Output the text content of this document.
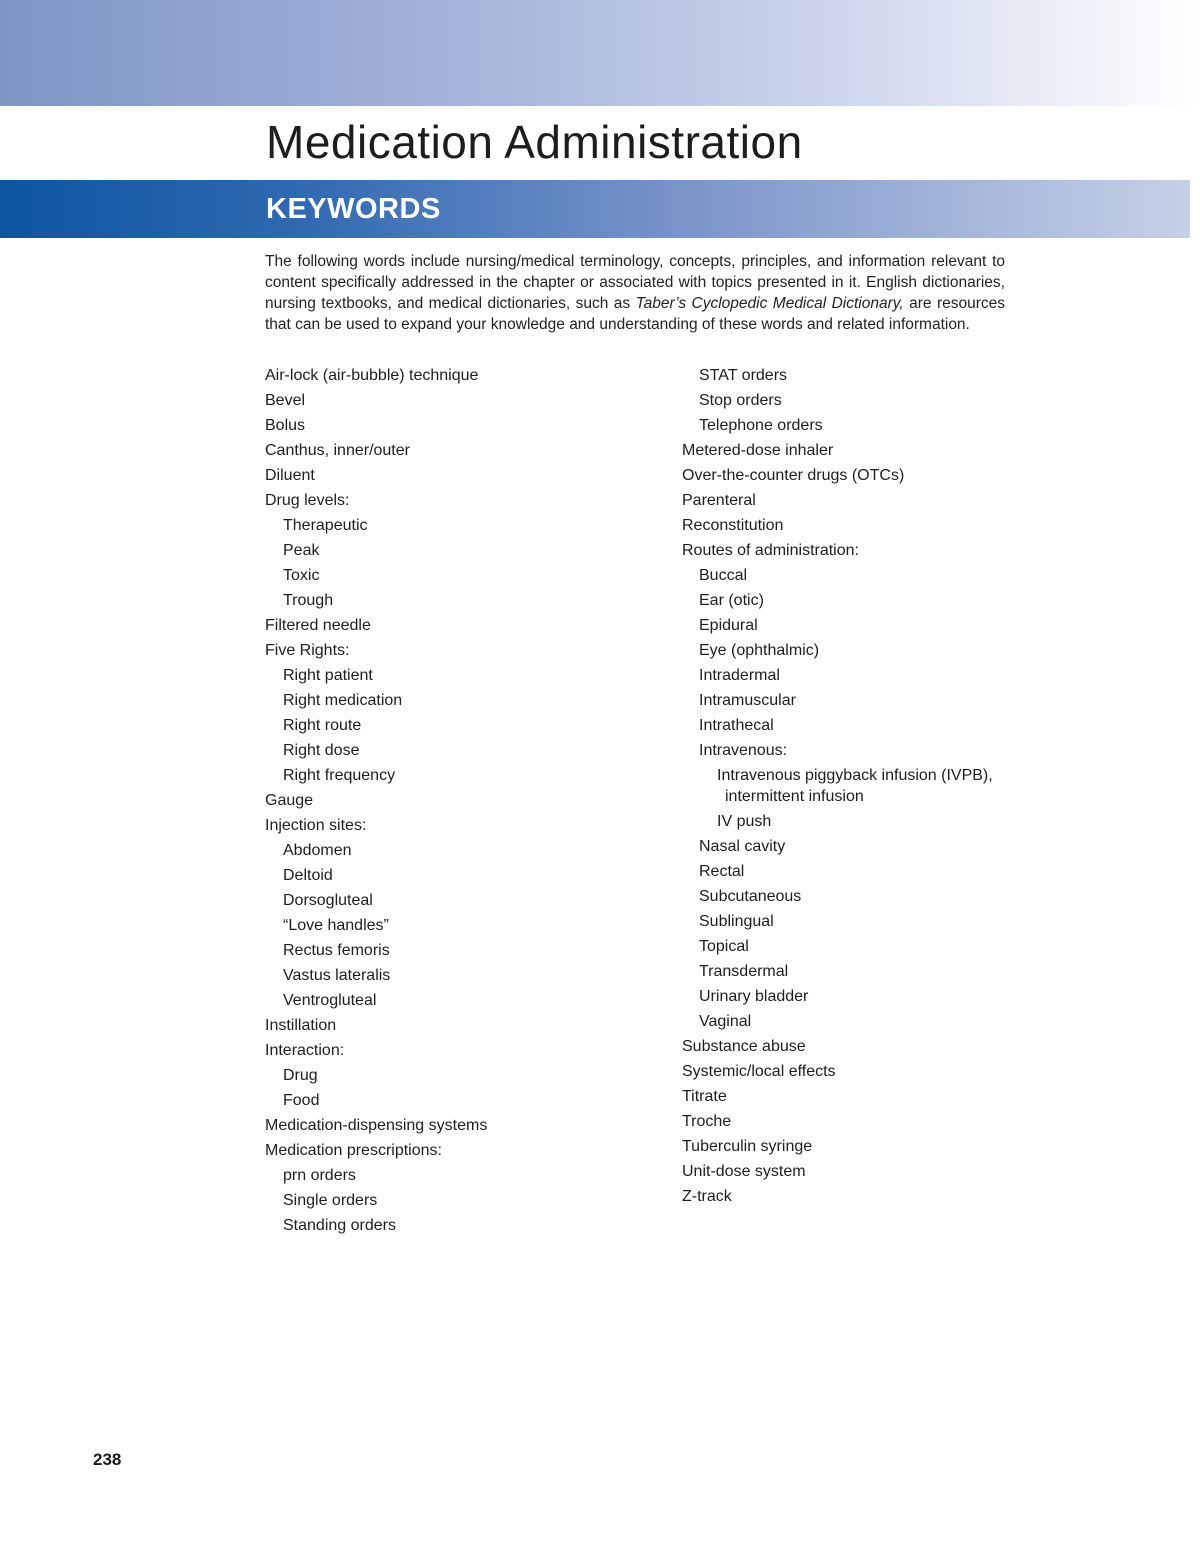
Medication Administration
KEYWORDS

The following words include nursing/medical terminology, concepts, principles, and information relevant to content specifically addressed in the chapter or associated with topics presented in it. English dictionaries, nursing textbooks, and medical dictionaries, such as Taber’s Cyclopedic Medical Dictionary, are resources that can be used to expand your knowledge and understanding of these words and related information.

Air-lock (air-bubble) technique
Bevel
Bolus
Canthus, inner/outer
Diluent
Drug levels:
Therapeutic
Peak
Toxic
Trough
Filtered needle
Five Rights:
Right patient
Right medication
Right route
Right dose
Right frequency
Gauge
Injection sites:
Abdomen
Deltoid
Dorsogluteal
“Love handles”
Rectus femoris
Vastus lateralis
Ventrogluteal
Instillation
Interaction:
Drug
Food
Medication-dispensing systems
Medication prescriptions:
prn orders
Single orders
Standing orders
STAT orders
Stop orders
Telephone orders
Metered-dose inhaler
Over-the-counter drugs (OTCs)
Parenteral
Reconstitution
Routes of administration:
Buccal
Ear (otic)
Epidural
Eye (ophthalmic)
Intradermal
Intramuscular
Intrathecal
Intravenous:
Intravenous piggyback infusion (IVPB), intermittent infusion
IV push
Nasal cavity
Rectal
Subcutaneous
Sublingual
Topical
Transdermal
Urinary bladder
Vaginal
Substance abuse
Systemic/local effects
Titrate
Troche
Tuberculin syringe
Unit-dose system
Z-track
238
